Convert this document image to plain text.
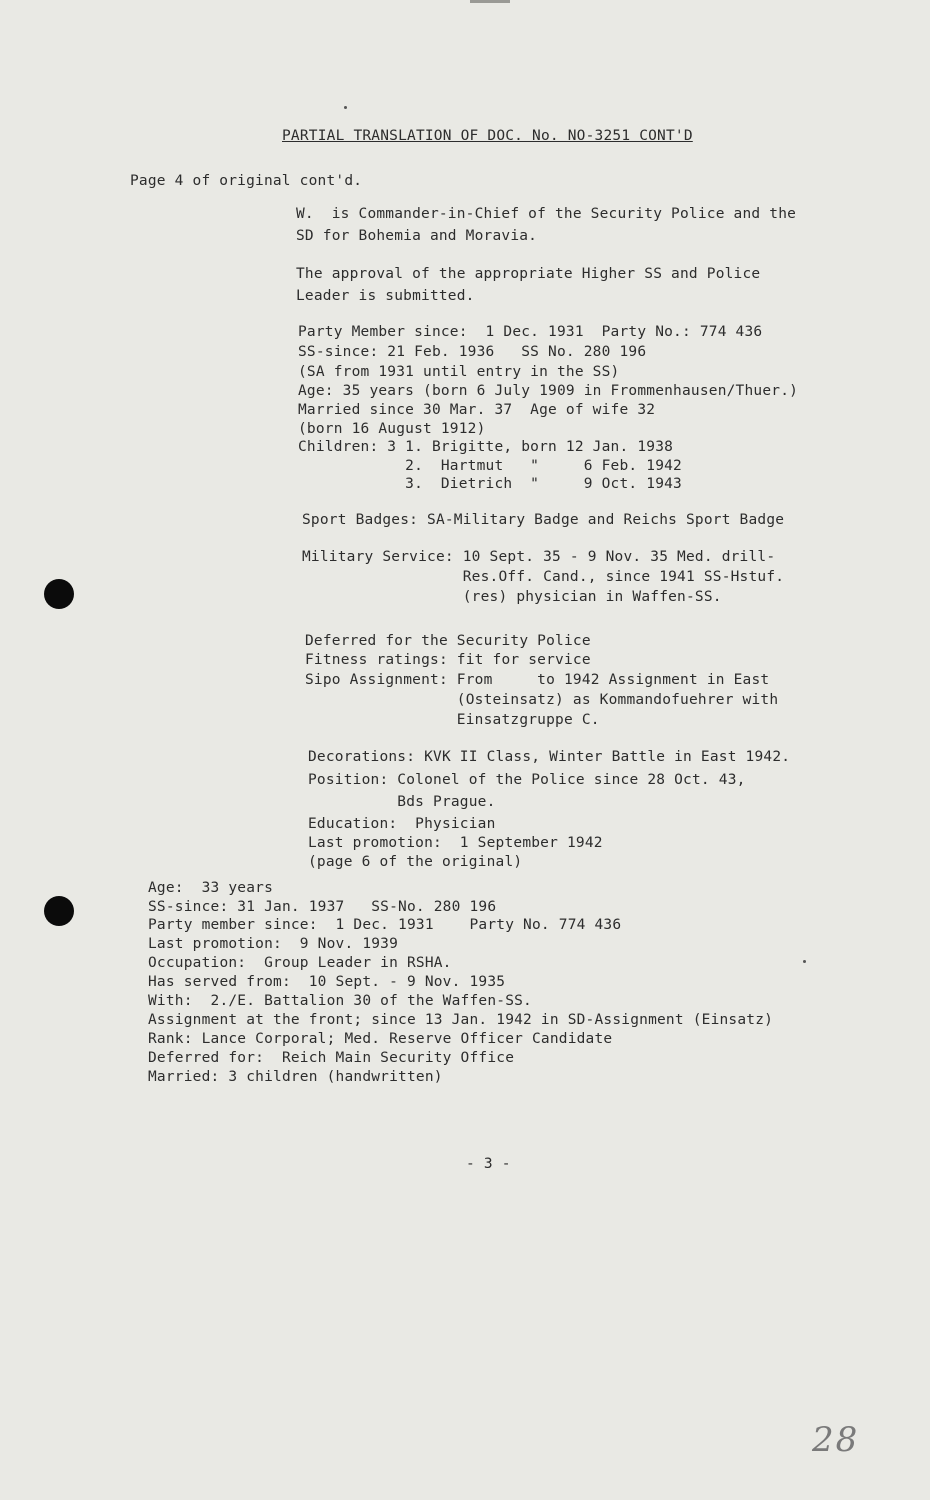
PARTIAL TRANSLATION OF DOC. No. NO-3251 CONT'D
Page 4 of original cont'd.
W.  is Commander-in-Chief of the Security Police and the
SD for Bohemia and Moravia.
The approval of the appropriate Higher SS and Police
Leader is submitted.
Party Member since:  1 Dec. 1931  Party No.: 774 436
SS-since: 21 Feb. 1936   SS No. 280 196
(SA from 1931 until entry in the SS)
Age: 35 years (born 6 July 1909 in Frommenhausen/Thuer.)
Married since 30 Mar. 37  Age of wife 32
(born 16 August 1912)
Children: 3 1. Brigitte, born 12 Jan. 1938
2.  Hartmut   "     6 Feb. 1942
3.  Dietrich  "     9 Oct. 1943
Sport Badges: SA-Military Badge and Reichs Sport Badge
Military Service: 10 Sept. 35 - 9 Nov. 35 Med. drill-
Res.Off. Cand., since 1941 SS-Hstuf.
(res) physician in Waffen-SS.
Deferred for the Security Police
Fitness ratings: fit for service
Sipo Assignment: From     to 1942 Assignment in East
(Osteinsatz) as Kommandofuehrer with
Einsatzgruppe C.
Decorations: KVK II Class, Winter Battle in East 1942.
Position: Colonel of the Police since 28 Oct. 43,
Bds Prague.
Education:  Physician
Last promotion:  1 September 1942
(page 6 of the original)
Age:  33 years
SS-since: 31 Jan. 1937   SS-No. 280 196
Party member since:  1 Dec. 1931    Party No. 774 436
Last promotion:  9 Nov. 1939
Occupation:  Group Leader in RSHA.
Has served from:  10 Sept. - 9 Nov. 1935
With:  2./E. Battalion 30 of the Waffen-SS.
Assignment at the front; since 13 Jan. 1942 in SD-Assignment (Einsatz)
Rank: Lance Corporal; Med. Reserve Officer Candidate
Deferred for:  Reich Main Security Office
Married: 3 children (handwritten)
- 3 -
28
